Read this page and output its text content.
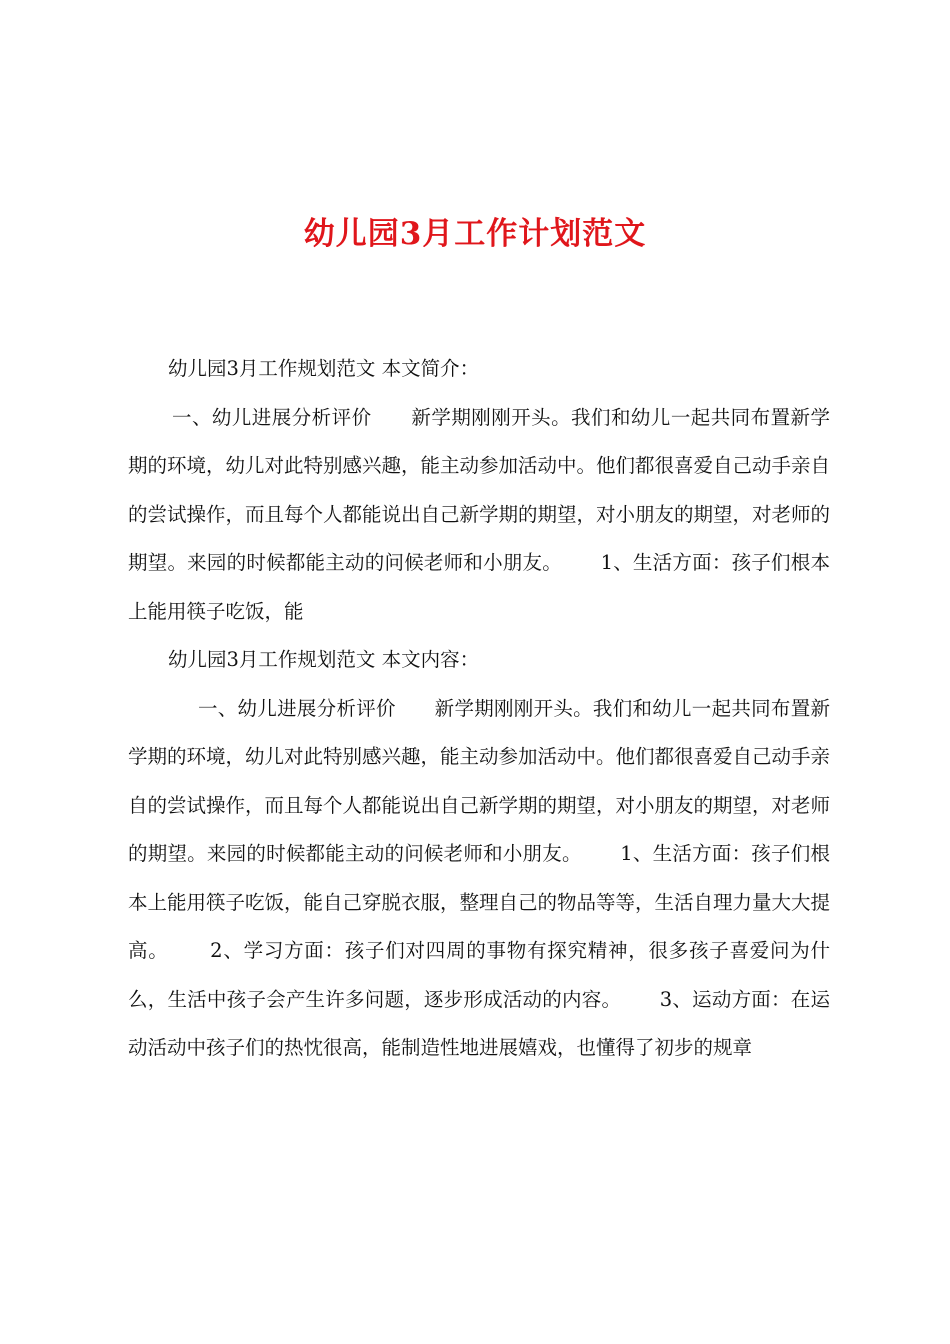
幼儿园3月工作计划范文

幼儿园3月工作规划范文 本文简介：

一、幼儿进展分析评价      新学期刚刚开头。我们和幼儿一起共同布置新学期的环境，幼儿对此特别感兴趣，能主动参加活动中。他们都很喜爱自己动手亲自的尝试操作，而且每个人都能说出自己新学期的期望，对小朋友的期望，对老师的期望。来园的时候都能主动的问候老师和小朋友。      1、生活方面：孩子们根本上能用筷子吃饭，能

幼儿园3月工作规划范文 本文内容：

一、幼儿进展分析评价      新学期刚刚开头。我们和幼儿一起共同布置新学期的环境，幼儿对此特别感兴趣，能主动参加活动中。他们都很喜爱自己动手亲自的尝试操作，而且每个人都能说出自己新学期的期望，对小朋友的期望，对老师的期望。来园的时候都能主动的问候老师和小朋友。      1、生活方面：孩子们根本上能用筷子吃饭，能自己穿脱衣服，整理自己的物品等等，生活自理力量大大提高。      2、学习方面：孩子们对四周的事物有探究精神，很多孩子喜爱问为什么，生活中孩子会产生许多问题，逐步形成活动的内容。      3、运动方面：在运动活动中孩子们的热忱很高，能制造性地进展嬉戏，也懂得了初步的规章
